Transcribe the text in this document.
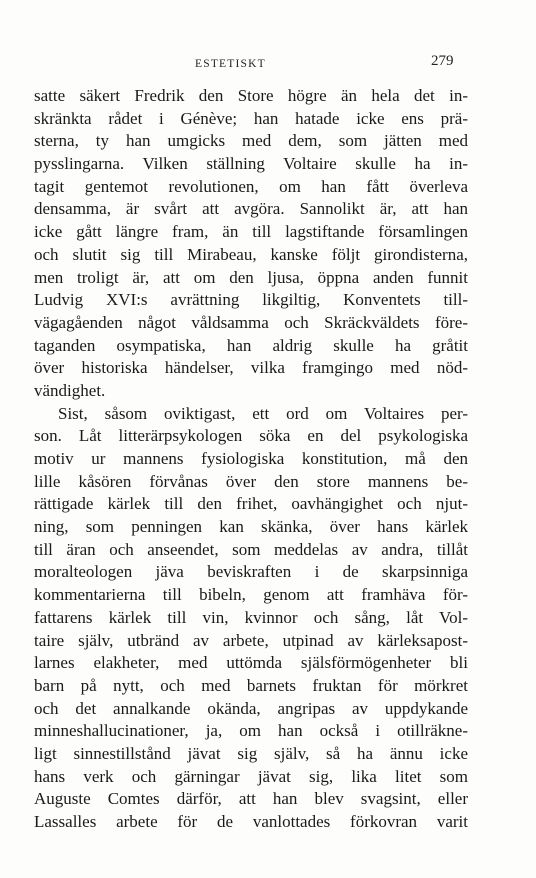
ESTETISKT	279
satte säkert Fredrik den Store högre än hela det in-
skränkta rådet i Génève; han hatade icke ens prä-
sterna, ty han umgicks med dem, som jätten med
pysslingarna. Vilken ställning Voltaire skulle ha in-
tagit gentemot revolutionen, om han fått överleva
densamma, är svårt att avgöra. Sannolikt är, att han
icke gått längre fram, än till lagstiftande församlingen
och slutit sig till Mirabeau, kanske följt girondisterna,
men troligt är, att om den ljusa, öppna anden funnit
Ludvig XVI:s avrättning likgiltig, Konventets till-
vägagåenden något våldsamma och Skräckväldets före-
taganden osympatiska, han aldrig skulle ha gråtit
över historiska händelser, vilka framgingo med nöd-
vändighet.
Sist, såsom oviktigast, ett ord om Voltaires per-
son. Låt litterärpsykologen söka en del psykologiska
motiv ur mannens fysiologiska konstitution, må den
lille kåsören förvånas över den store mannens be-
rättigade kärlek till den frihet, oavhängighet och njut-
ning, som penningen kan skänka, över hans kärlek
till äran och anseendet, som meddelas av andra, tillåt
moralteologen jäva beviskraften i de skarpsinniga
kommentarierna till bibeln, genom att framhäva för-
fattarens kärlek till vin, kvinnor och sång, låt Vol-
taire själv, utbränd av arbete, utpinad av kärleksapost-
larnes elakheter, med uttömda själsförmögenheter bli
barn på nytt, och med barnets fruktan för mörkret
och det annalkande okända, angripas av uppdykande
minneshallucinationer, ja, om han också i otillräkne-
ligt sinnestillstånd jävat sig själv, så ha ännu icke
hans verk och gärningar jävat sig, lika litet som
Auguste Comtes därför, att han blev svagsint, eller
Lassalles arbete för de vanlottades förkovran varit
